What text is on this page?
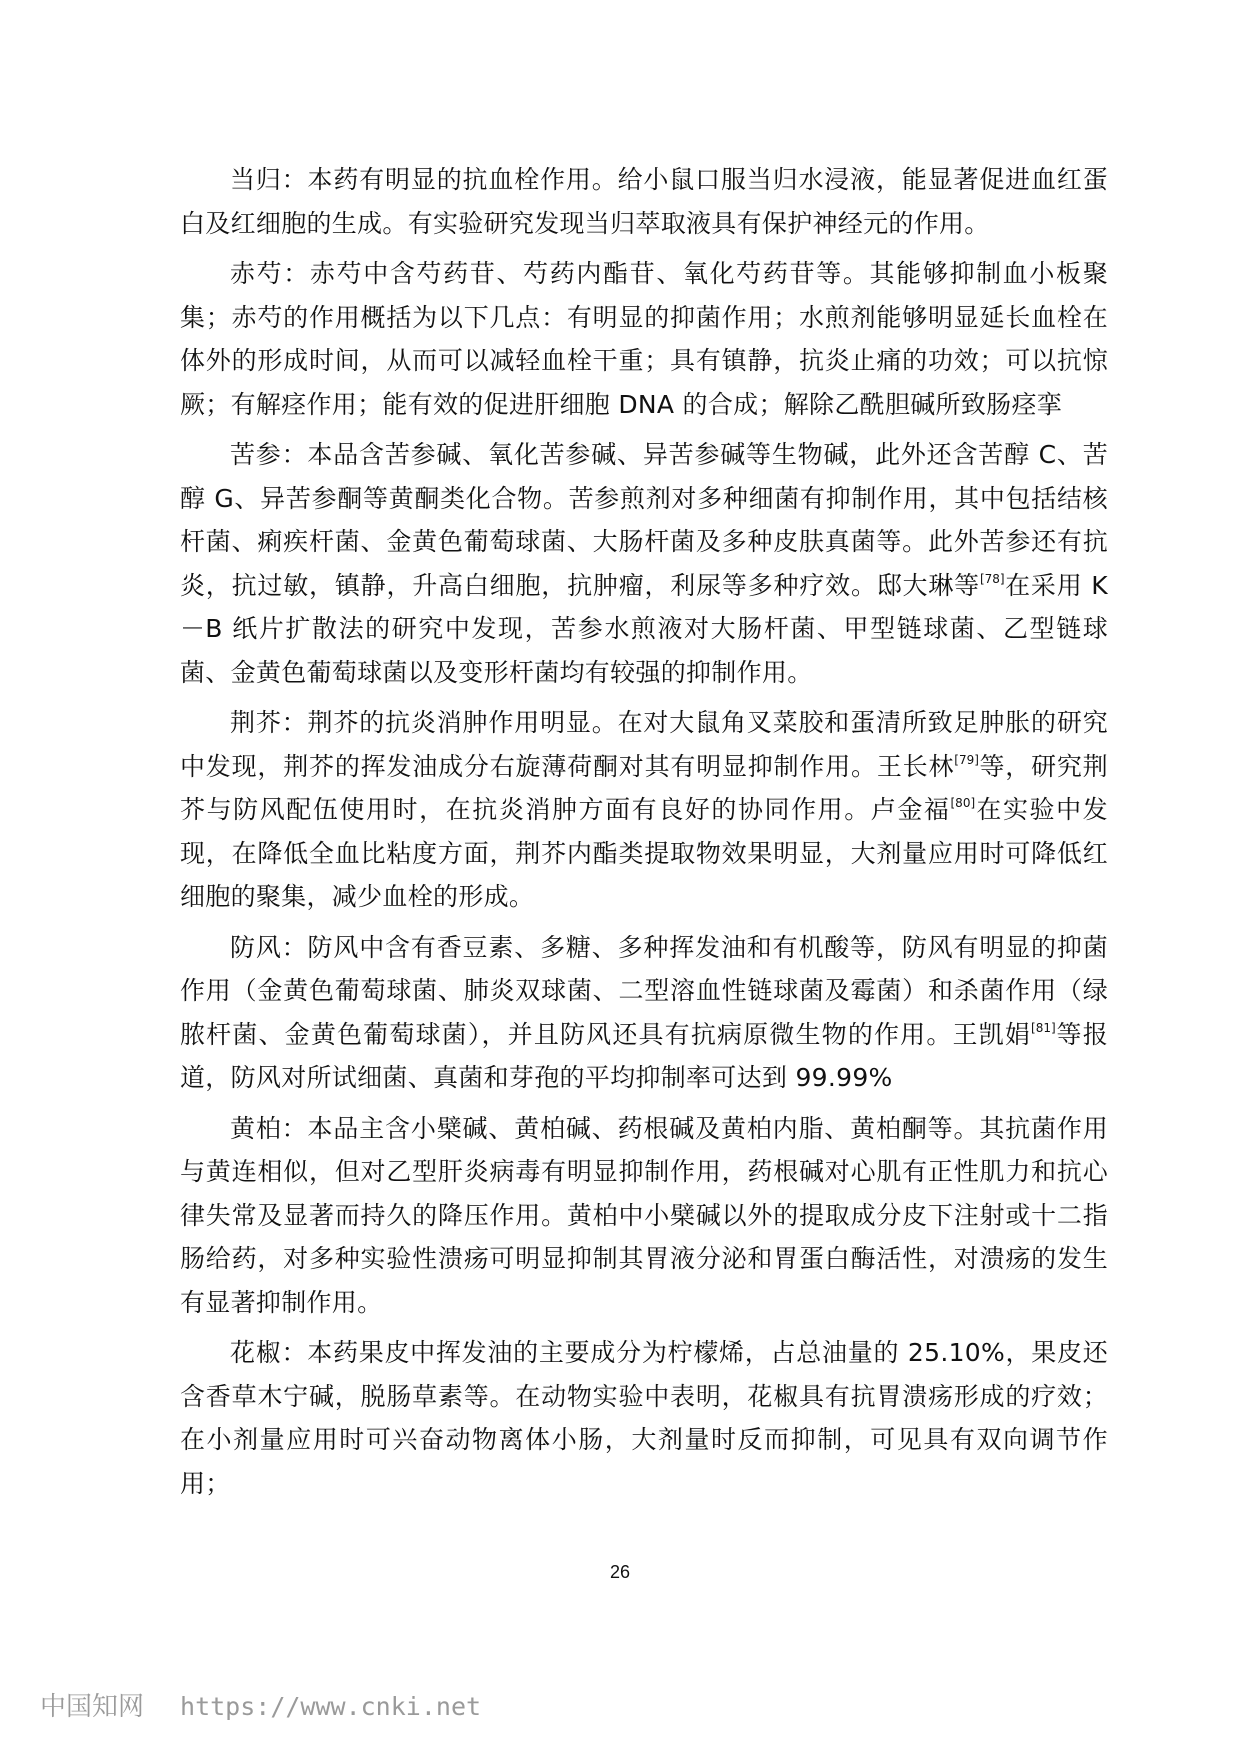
当归：本药有明显的抗血栓作用。给小鼠口服当归水浸液，能显著促进血红蛋白及红细胞的生成。有实验研究发现当归萃取液具有保护神经元的作用。

赤芍：赤芍中含芍药苷、芍药内酯苷、氧化芍药苷等。其能够抑制血小板聚集；赤芍的作用概括为以下几点：有明显的抑菌作用；水煎剂能够明显延长血栓在体外的形成时间，从而可以减轻血栓干重；具有镇静，抗炎止痛的功效；可以抗惊厥；有解痉作用；能有效的促进肝细胞 DNA 的合成；解除乙酰胆碱所致肠痉挛

苦参：本品含苦参碱、氧化苦参碱、异苦参碱等生物碱，此外还含苦醇 C、苦醇 G、异苦参酮等黄酮类化合物。苦参煎剂对多种细菌有抑制作用，其中包括结核杆菌、痢疾杆菌、金黄色葡萄球菌、大肠杆菌及多种皮肤真菌等。此外苦参还有抗炎，抗过敏，镇静，升高白细胞，抗肿瘤，利尿等多种疗效。邸大琳等[78]在采用 K－B 纸片扩散法的研究中发现，苦参水煎液对大肠杆菌、甲型链球菌、乙型链球菌、金黄色葡萄球菌以及变形杆菌均有较强的抑制作用。

荆芥：荆芥的抗炎消肿作用明显。在对大鼠角叉菜胶和蛋清所致足肿胀的研究中发现，荆芥的挥发油成分右旋薄荷酮对其有明显抑制作用。王长林[79]等，研究荆芥与防风配伍使用时，在抗炎消肿方面有良好的协同作用。卢金福[80]在实验中发现，在降低全血比粘度方面，荆芥内酯类提取物效果明显，大剂量应用时可降低红细胞的聚集，减少血栓的形成。

防风：防风中含有香豆素、多糖、多种挥发油和有机酸等，防风有明显的抑菌作用（金黄色葡萄球菌、肺炎双球菌、二型溶血性链球菌及霉菌）和杀菌作用（绿脓杆菌、金黄色葡萄球菌），并且防风还具有抗病原微生物的作用。王凯娟[81]等报道，防风对所试细菌、真菌和芽孢的平均抑制率可达到 99.99%

黄柏：本品主含小檗碱、黄柏碱、药根碱及黄柏内脂、黄柏酮等。其抗菌作用与黄连相似，但对乙型肝炎病毒有明显抑制作用，药根碱对心肌有正性肌力和抗心律失常及显著而持久的降压作用。黄柏中小檗碱以外的提取成分皮下注射或十二指肠给药，对多种实验性溃疡可明显抑制其胃液分泌和胃蛋白酶活性，对溃疡的发生有显著抑制作用。

花椒：本药果皮中挥发油的主要成分为柠檬烯，占总油量的 25.10%，果皮还含香草木宁碱，脱肠草素等。在动物实验中表明，花椒具有抗胃溃疡形成的疗效；在小剂量应用时可兴奋动物离体小肠，大剂量时反而抑制，可见具有双向调节作用；

26
中国知网 https://www.cnki.net
